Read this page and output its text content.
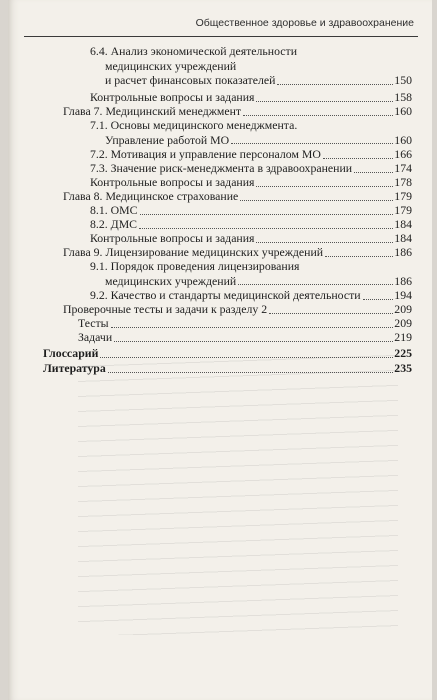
Общественное здоровье и здравоохранение
6.4. Анализ экономической деятельности
медицинских учреждений
и расчет финансовых показателей	150
Контрольные вопросы и задания	158
Глава 7. Медицинский менеджмент	160
7.1. Основы медицинского менеджмента.
Управление работой МО	160
7.2. Мотивация и управление персоналом МО	166
7.3. Значение риск-менеджмента в здравоохранении	174
Контрольные вопросы и задания	178
Глава 8. Медицинское страхование	179
8.1. ОМС	179
8.2. ДМС	184
Контрольные вопросы и задания	184
Глава 9. Лицензирование медицинских учреждений	186
9.1. Порядок проведения лицензирования
медицинских учреждений	186
9.2. Качество и стандарты медицинской деятельности	194
Проверочные тесты и задачи к разделу 2	209
Тесты	209
Задачи	219
Глоссарий	225
Литература	235
